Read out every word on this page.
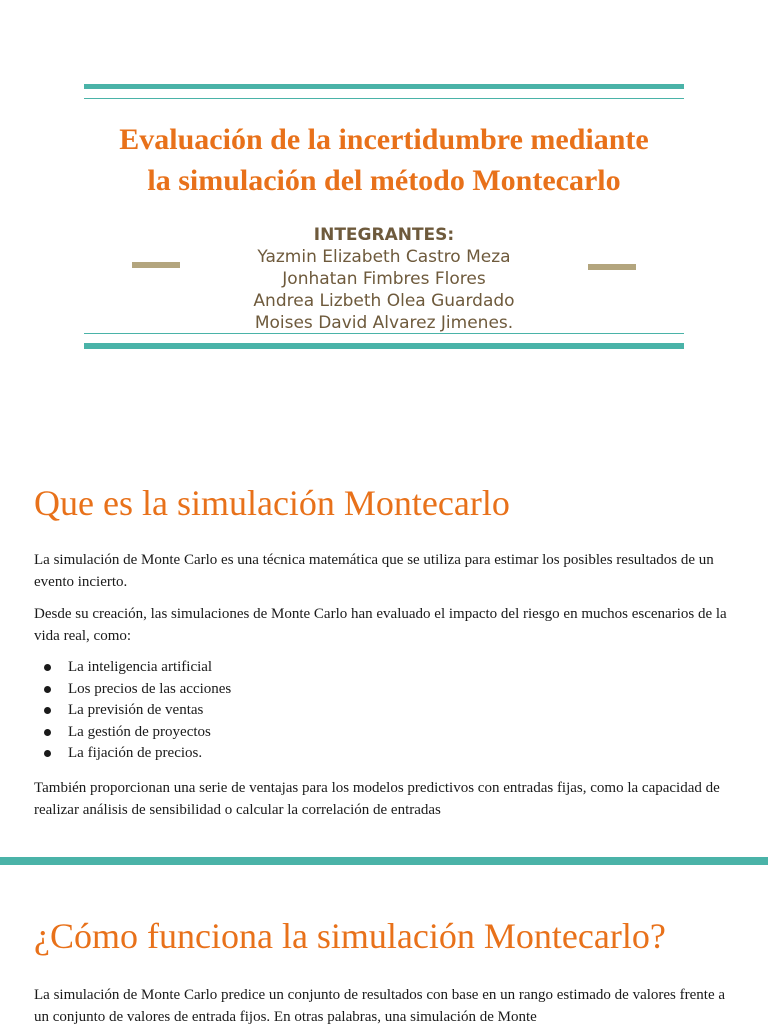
Evaluación de la incertidumbre mediante
la simulación del método Montecarlo
INTEGRANTES:
Yazmin Elizabeth Castro Meza
Jonhatan Fimbres Flores
Andrea Lizbeth Olea Guardado
Moises David Alvarez Jimenes.
Que es la simulación Montecarlo

La simulación de Monte Carlo es una técnica matemática que se utiliza para estimar los posibles resultados de un evento incierto.

Desde su creación, las simulaciones de Monte Carlo han evaluado el impacto del riesgo en muchos escenarios de la vida real, como:

La inteligencia artificial
Los precios de las acciones
La previsión de ventas
La gestión de proyectos
La fijación de precios.

También proporcionan una serie de ventajas para los modelos predictivos con entradas fijas, como la capacidad de realizar análisis de sensibilidad o calcular la correlación de entradas

¿Cómo funciona la simulación Montecarlo?

La simulación de Monte Carlo predice un conjunto de resultados con base en un rango estimado de valores frente a un conjunto de valores de entrada fijos. En otras palabras, una simulación de Monte
